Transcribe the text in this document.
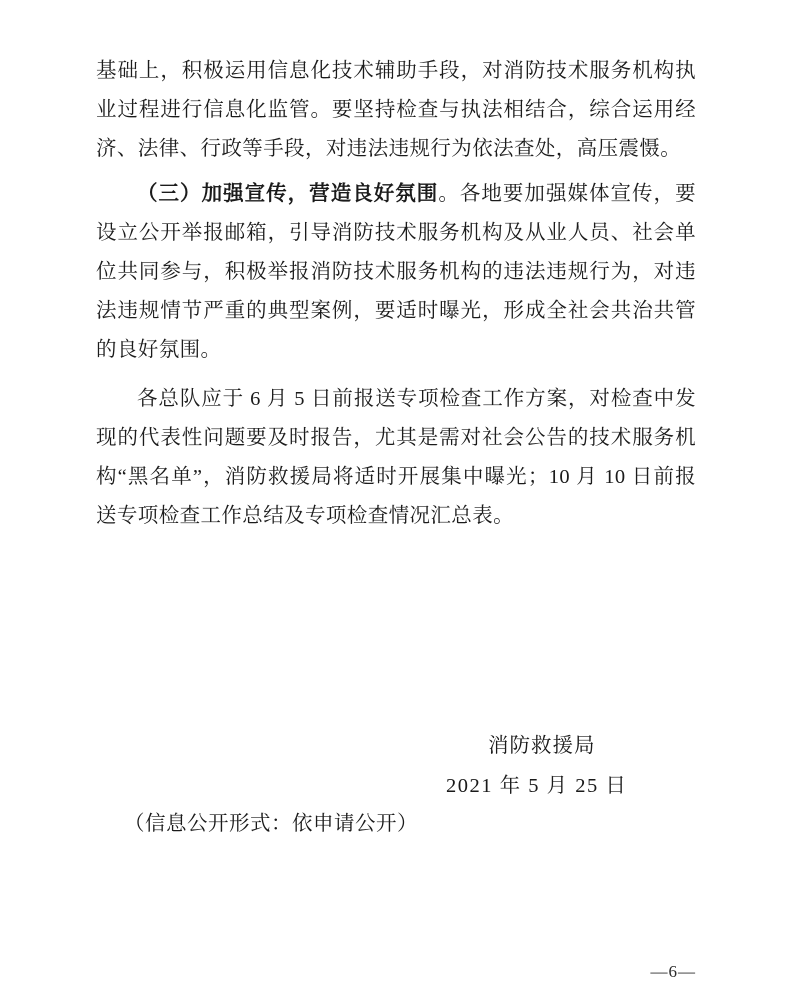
基础上，积极运用信息化技术辅助手段，对消防技术服务机构执业过程进行信息化监管。要坚持检查与执法相结合，综合运用经济、法律、行政等手段，对违法违规行为依法查处，高压震慑。

（三）加强宣传，营造良好氛围。各地要加强媒体宣传，要设立公开举报邮箱，引导消防技术服务机构及从业人员、社会单位共同参与，积极举报消防技术服务机构的违法违规行为，对违法违规情节严重的典型案例，要适时曝光，形成全社会共治共管的良好氛围。

各总队应于 6 月 5 日前报送专项检查工作方案，对检查中发现的代表性问题要及时报告，尤其是需对社会公告的技术服务机构“黑名单”，消防救援局将适时开展集中曝光；10 月 10 日前报送专项检查工作总结及专项检查情况汇总表。

消防救援局
2021 年 5 月 25 日
（信息公开形式：依申请公开）
—6—
